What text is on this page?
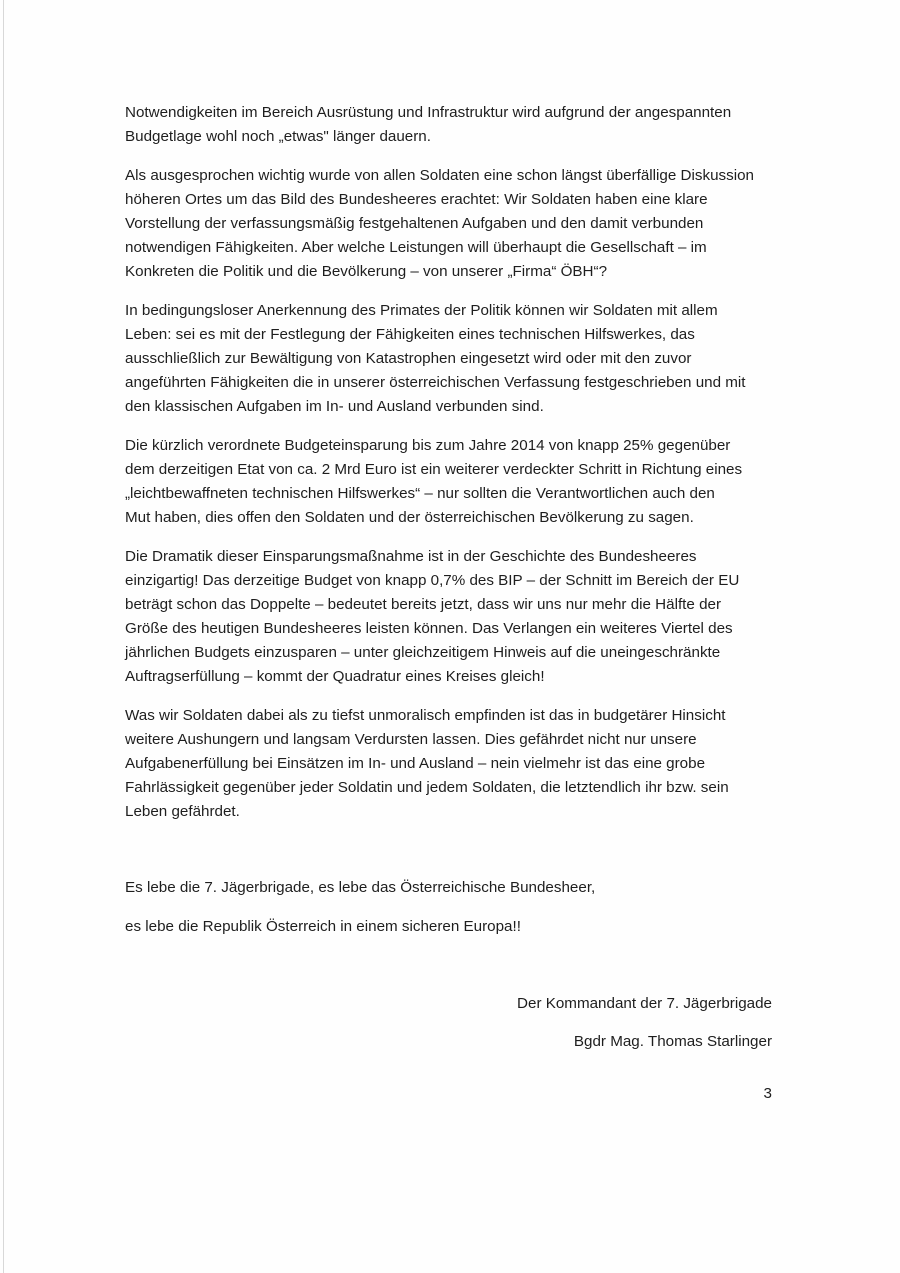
Notwendigkeiten im Bereich Ausrüstung und Infrastruktur wird aufgrund der angespannten
Budgetlage wohl noch „etwas" länger dauern.

Als ausgesprochen wichtig wurde von allen Soldaten eine schon längst überfällige Diskussion
höheren Ortes um das Bild des Bundesheeres erachtet: Wir Soldaten haben eine klare
Vorstellung der verfassungsmäßig festgehaltenen Aufgaben und den damit verbunden
notwendigen Fähigkeiten. Aber welche Leistungen will überhaupt die Gesellschaft – im
Konkreten die Politik und die Bevölkerung – von unserer „Firma“ ÖBH“?

In bedingungsloser Anerkennung des Primates der Politik können wir Soldaten mit allem
Leben: sei es mit der Festlegung der Fähigkeiten eines technischen Hilfswerkes, das
ausschließlich zur Bewältigung von Katastrophen eingesetzt wird oder mit den zuvor
angeführten Fähigkeiten die in unserer österreichischen Verfassung festgeschrieben und mit
den klassischen Aufgaben im In- und Ausland verbunden sind.

Die kürzlich verordnete Budgeteinsparung bis zum Jahre 2014 von knapp 25% gegenüber
dem derzeitigen Etat von ca. 2 Mrd Euro ist ein weiterer verdeckter Schritt in Richtung eines
„leichtbewaffneten technischen Hilfswerkes“ – nur sollten die Verantwortlichen auch den
Mut haben, dies offen den Soldaten und der österreichischen Bevölkerung zu sagen.

Die Dramatik dieser Einsparungsmaßnahme ist in der Geschichte des Bundesheeres
einzigartig! Das derzeitige Budget von knapp 0,7% des BIP – der Schnitt im Bereich der EU
beträgt schon das Doppelte – bedeutet bereits jetzt, dass wir uns nur mehr die Hälfte der
Größe des heutigen Bundesheeres leisten können. Das Verlangen ein weiteres Viertel des
jährlichen Budgets einzusparen – unter gleichzeitigem Hinweis auf die uneingeschränkte
Auftragserfüllung – kommt der Quadratur eines Kreises gleich!

Was wir Soldaten dabei als zu tiefst unmoralisch empfinden ist das in budgetärer Hinsicht
weitere Aushungern und langsam Verdursten lassen. Dies gefährdet nicht nur unsere
Aufgabenerfüllung bei Einsätzen im In- und Ausland – nein vielmehr ist das eine grobe
Fahrlässigkeit gegenüber jeder Soldatin und jedem Soldaten, die letztendlich ihr bzw. sein
Leben gefährdet.

Es lebe die 7. Jägerbrigade, es lebe das Österreichische Bundesheer,
es lebe die Republik Österreich in einem sicheren Europa!!
Der Kommandant der 7. Jägerbrigade
Bgdr Mag. Thomas Starlinger
3
